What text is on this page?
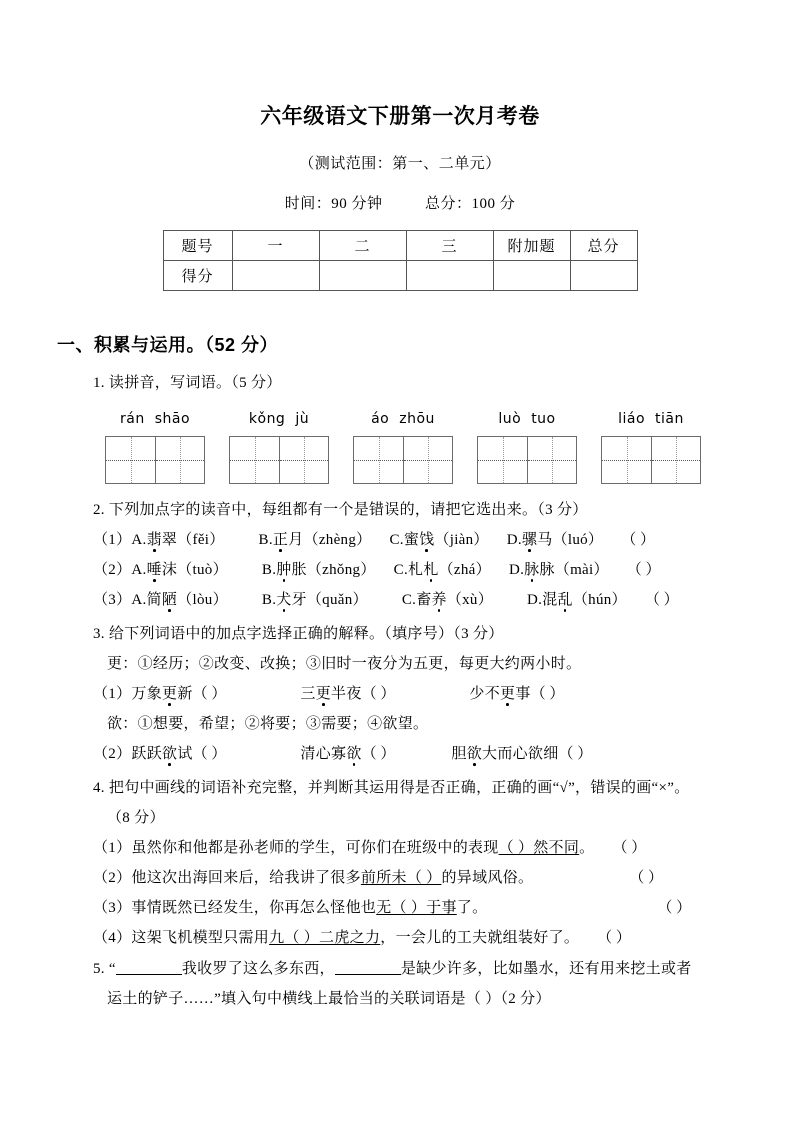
六年级语文下册第一次月考卷

（测试范围：第一、二单元）

时间：90 分钟	总分：100 分

题号	一	二	三	附加题	总分
得分					
一、积累与运用。（52 分）
1. 读拼音，写词语。（5 分）
rán shāo	kǒng jù	áo zhōu	luò tuo	liáo tiān
2. 下列加点字的读音中，每组都有一个是错误的，请把它选出来。（3 分）
（1）A.翡翠（fěi） B.正月（zhèng） C.蜜饯（jiàn） D.骡马（luó） （ ）
（2）A.唾沫（tuò） B.肿胀（zhǒng） C.札札（zhá） D.脉脉（mài） （ ）
（3）A.简陋（lòu） B.犬牙（quǎn） C.畜养（xù） D.混乱（hún） （ ）
3. 给下列词语中的加点字选择正确的解释。（填序号）（3 分）
更：①经历；②改变、改换；③旧时一夜分为五更，每更大约两小时。
（1）万象更新（ ）	三更半夜（ ）	少不更事（ ）
欲：①想要，希望；②将要；③需要；④欲望。
（2）跃跃欲试（ ）	清心寡欲（ ）	胆欲大而心欲细（ ）
4. 把句中画线的词语补充完整，并判断其运用得是否正确，正确的画“√”，错误的画“×”。
（8 分）
（1）虽然你和他都是孙老师的学生，可你们在班级中的表现（ ）然不同。 （ ）
（2）他这次出海回来后，给我讲了很多前所未（ ）的异域风俗。	（ ）
（3）事情既然已经发生，你再怎么怪他也无（ ）于事了。	（ ）
（4）这架飞机模型只需用九（ ）二虎之力，一会儿的工夫就组装好了。 （ ）
5. “	我收罗了这么多东西，	是缺少许多，比如墨水，还有用来挖土或者
运土的铲子……”填入句中横线上最恰当的关联词语是（ ）（2 分）
